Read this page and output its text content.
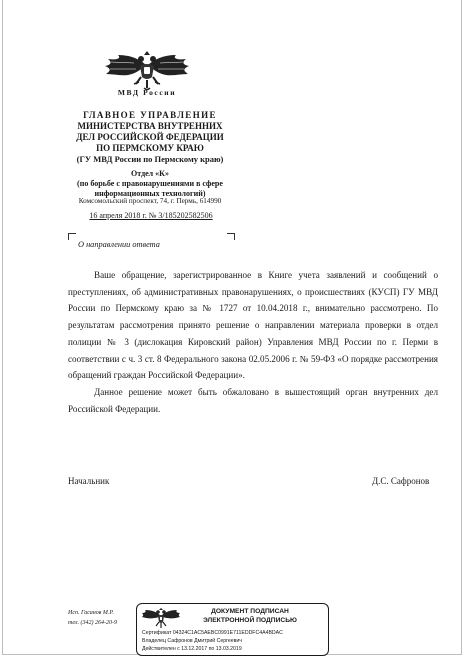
МВД России
ГЛАВНОЕ УПРАВЛЕНИЕ
МИНИСТЕРСТВА ВНУТРЕННИХ
ДЕЛ РОССИЙСКОЙ ФЕДЕРАЦИИ
ПО ПЕРМСКОМУ КРАЮ
(ГУ МВД России по Пермскому краю)
Отдел «К»
(по борьбе с правонарушениями в сфере
информационных технологий)
Комсомольский проспект, 74, г. Пермь, 614990
16 апреля 2018 г. № 3/185202582506
О направлении ответа

Ваше обращение, зарегистрированное в Книге учета заявлений и сообщений о преступлениях, об административных правонарушениях, о происшествиях (КУСП) ГУ МВД России по Пермскому краю за № 1727 от 10.04.2018 г., внимательно рассмотрено. По результатам рассмотрения принято решение о направлении материала проверки в отдел полиции № 3 (дислокация Кировский район) Управления МВД России по г. Перми в соответствии с ч. 3 ст. 8 Федерального закона 02.05.2006 г. № 59-ФЗ «О порядке рассмотрения обращений граждан Российской Федерации».

Данное решение может быть обжаловано в вышестоящий орган внутренних дел Российской Федерации.

Начальник	Д.С. Сафронов
Исп. Гасанов М.Р.
тел. (342) 264-20-9
ДОКУМЕНТ ПОДПИСАН
ЭЛЕКТРОННОЙ ПОДПИСЬЮ
Сертификат 04324C1AC5AEBC0991E711EDDFC4A4BDAC
Владелец Сафронов Дмитрий Сергеевич
Действителен с 13.12.2017 по 13.03.2019
